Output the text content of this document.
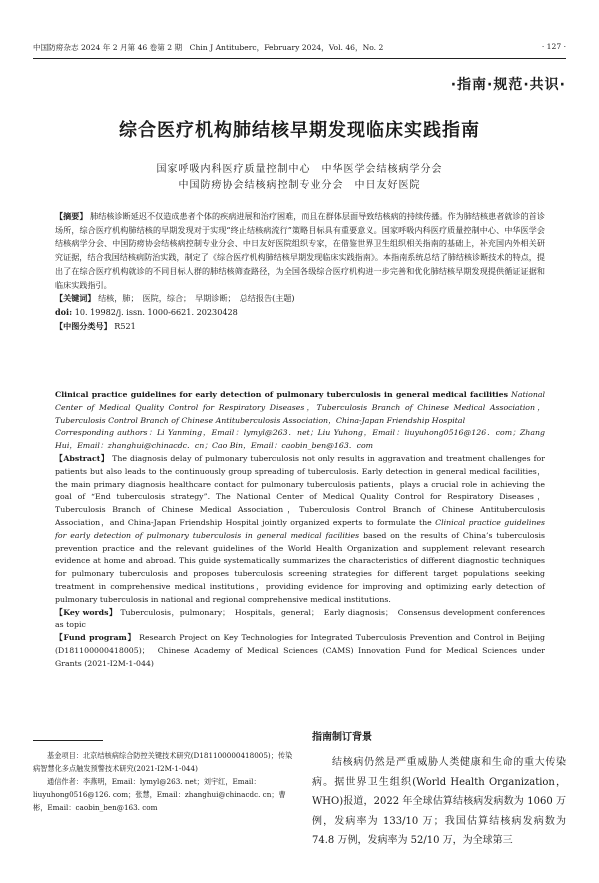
中国防痨杂志 2024 年 2 月第 46 卷第 2 期　Chin J Antituberc，February 2024，Vol. 46，No. 2	· 127 ·
·指南·规范·共识·
综合医疗机构肺结核早期发现临床实践指南
国家呼吸内科医疗质量控制中心　中华医学会结核病学分会
中国防痨协会结核病控制专业分会　中日友好医院

【摘要】 肺结核诊断延迟不仅造成患者个体的疾病进展和治疗困难，而且在群体层面导致结核病的持续传播。作为肺结核患者就诊的首诊场所，综合医疗机构肺结核的早期发现对于实现“终止结核病流行”策略目标具有重要意义。国家呼吸内科医疗质量控制中心、中华医学会结核病学分会、中国防痨协会结核病控制专业分会、中日友好医院组织专家，在借鉴世界卫生组织相关指南的基础上，补充国内外相关研究证据，结合我国结核病防治实践，制定了《综合医疗机构肺结核早期发现临床实践指南》。本指南系统总结了肺结核诊断技术的特点，提出了在综合医疗机构就诊的不同目标人群的肺结核筛查路径，为全国各级综合医疗机构进一步完善和优化肺结核早期发现提供循证证据和临床实践指引。

【关键词】 结核，肺；　医院，综合；　早期诊断；　总结报告(主题)

doi: 10. 19982/j. issn. 1000-6621. 20230428

【中图分类号】 R521

Clinical practice guidelines for early detection of pulmonary tuberculosis in general medical facilities National Center of Medical Quality Control for Respiratory Diseases，Tuberculosis Branch of Chinese Medical Association，Tuberculosis Control Branch of Chinese Antituberculosis Association，China-Japan Friendship Hospital

Corresponding authors：Li Yanming，Email：lymyl@263．net；Liu Yuhong，Email：liuyuhong0516@126．com；Zhang Hui，Email：zhanghui@chinacdc．cn；Cao Bin，Email：caobin_ben@163．com

【Abstract】 The diagnosis delay of pulmonary tuberculosis not only results in aggravation and treatment challenges for patients but also leads to the continuously group spreading of tuberculosis. Early detection in general medical facilities，the main primary diagnosis healthcare contact for pulmonary tuberculosis patients，plays a crucial role in achieving the goal of “End tuberculosis strategy”. The National Center of Medical Quality Control for Respiratory Diseases，Tuberculosis Branch of Chinese Medical Association，Tuberculosis Control Branch of Chinese Antituberculosis Association，and China-Japan Friendship Hospital jointly organized experts to formulate the Clinical practice guidelines for early detection of pulmonary tuberculosis in general medical facilities based on the results of China’s tuberculosis prevention practice and the relevant guidelines of the World Health Organization and supplement relevant research evidence at home and abroad. This guide systematically summarizes the characteristics of different diagnostic techniques for pulmonary tuberculosis and proposes tuberculosis screening strategies for different target populations seeking treatment in comprehensive medical institutions，providing evidence for improving and optimizing early detection of pulmonary tuberculosis in national and regional comprehensive medical institutions.

【Key words】 Tuberculosis，pulmonary；　Hospitals，general；　Early diagnosis；　Consensus development conferences as topic

【Fund program】 Research Project on Key Technologies for Integrated Tuberculosis Prevention and Control in Beijing (D181100000418005)；　Chinese Academy of Medical Sciences (CAMS) Innovation Fund for Medical Sciences under Grants (2021-I2M-1-044)

基金项目：北京结核病综合防控关键技术研究(D181100000418005)；传染病智慧化多点触发预警技术研究(2021-I2M-1-044)

通信作者：李燕明，Email：lymyl@263. net；刘宇红，Email：liuyuhong0516@126. com；张慧，Email：zhanghui@chinacdc. cn；曹彬，Email：caobin_ben@163. com

指南制订背景

结核病仍然是严重威胁人类健康和生命的重大传染病。据世界卫生组织(World Health Organization，WHO)报道，2022 年全球估算结核病发病数为 1060 万例，发病率为 133/10 万；我国估算结核病发病数为 74.8 万例，发病率为 52/10 万，为全球第三
